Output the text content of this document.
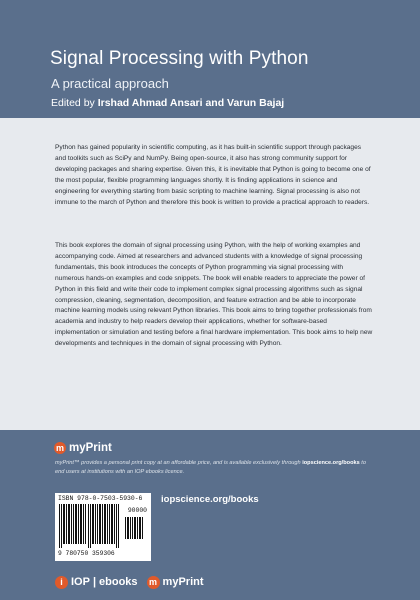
Signal Processing with Python

A practical approach

Edited by Irshad Ahmad Ansari and Varun Bajaj

Python has gained popularity in scientific computing, as it has built-in scientific support through packages and toolkits such as SciPy and NumPy. Being open-source, it also has strong community support for developing packages and sharing expertise. Given this, it is inevitable that Python is going to become one of the most popular, flexible programming languages shortly. It is finding applications in science and engineering for everything starting from basic scripting to machine learning. Signal processing is also not immune to the march of Python and therefore this book is written to provide a practical approach to readers.

This book explores the domain of signal processing using Python, with the help of working examples and accompanying code. Aimed at researchers and advanced students with a knowledge of signal processing fundamentals, this book introduces the concepts of Python programming via signal processing with numerous hands-on examples and code snippets. The book will enable readers to appreciate the power of Python in this field and write their code to implement complex signal processing algorithms such as signal compression, cleaning, segmentation, decomposition, and feature extraction and be able to incorporate machine learning models using relevant Python libraries. This book aims to bring together professionals from academia and industry to help readers develop their applications, whether for software-based implementation or simulation and testing before a final hardware implementation. This book aims to help new developments and techniques in the domain of signal processing with Python.

m myPrint

myPrint™ provides a personal print copy at an affordable price, and is available exclusively through iopscience.org/books to end users at institutions with an IOP ebooks licence.

ISBN 978-0-7503-5930-6
90000
9 780750 359306
iopscience.org/books
i IOP | ebooks m myPrint
